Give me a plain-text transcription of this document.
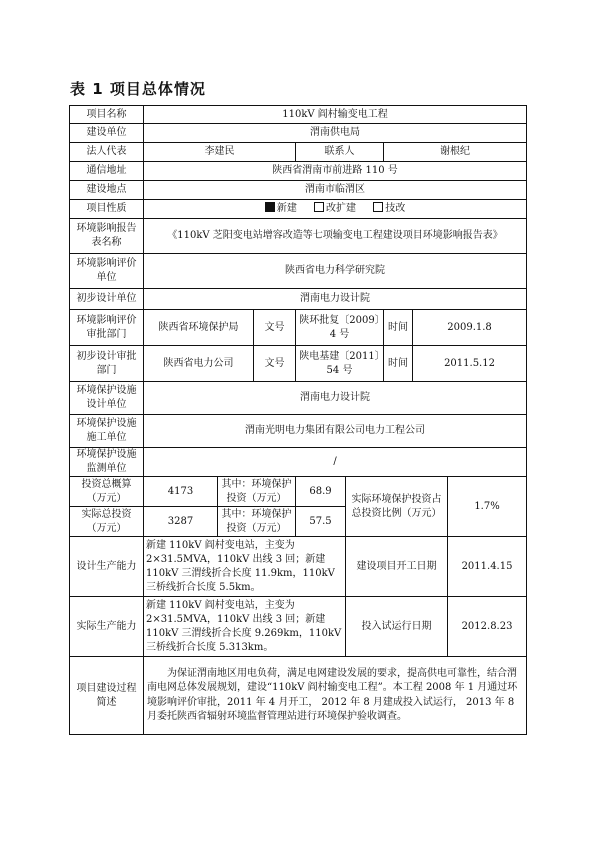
表 1 项目总体情况
项目名称	110kV 阎村输变电工程							
建设单位	渭南供电局							
法人代表	李建民			联系人		谢根纪		
通信地址	陕西省渭南市前进路 110 号							
建设地点	渭南市临渭区							
项目性质	新建 改扩建 技改							
环境影响报告表名称	《110kV 芝阳变电站增容改造等七项输变电工程建设项目环境影响报告表》							
环境影响评价单位	陕西省电力科学研究院							
初步设计单位	渭南电力设计院							
环境影响评价审批部门	陕西省环境保护局		文号	陕环批复〔2009〕4 号		时间	2009.1.8	
初步设计审批部门	陕西省电力公司		文号	陕电基建〔2011〕54 号		时间	2011.5.12	
环境保护设施设计单位	渭南电力设计院							
环境保护设施施工单位	渭南光明电力集团有限公司电力工程公司							
环境保护设施监测单位	/							
投资总概算（万元）	4173	其中：环境保护投资（万元）		68.9	实际环境保护投资占总投资比例（万元）			1.7%
实际总投资（万元）	3287	其中：环境保护投资（万元）		57.5				
设计生产能力	新建 110kV 阎村变电站，主变为 2×31.5MVA，110kV 出线 3 回；新建 110kV 三渭线折合长度 11.9km，110kV 三桥线折合长度 5.5km。				建设项目开工日期			2011.4.15
实际生产能力	新建 110kV 阎村变电站，主变为 2×31.5MVA，110kV 出线 3 回；新建 110kV 三渭线折合长度 9.269km，110kV 三桥线折合长度 5.313km。				投入试运行日期			2012.8.23
项目建设过程简述	为保证渭南地区用电负荷，满足电网建设发展的要求，提高供电可靠性，结合渭南电网总体发展规划，建设“110kV 阎村输变电工程”。本工程 2008 年 1 月通过环境影响评价审批，2011 年 4 月开工， 2012 年 8 月建成投入试运行， 2013 年 8 月委托陕西省辐射环境监督管理站进行环境保护验收调查。							
